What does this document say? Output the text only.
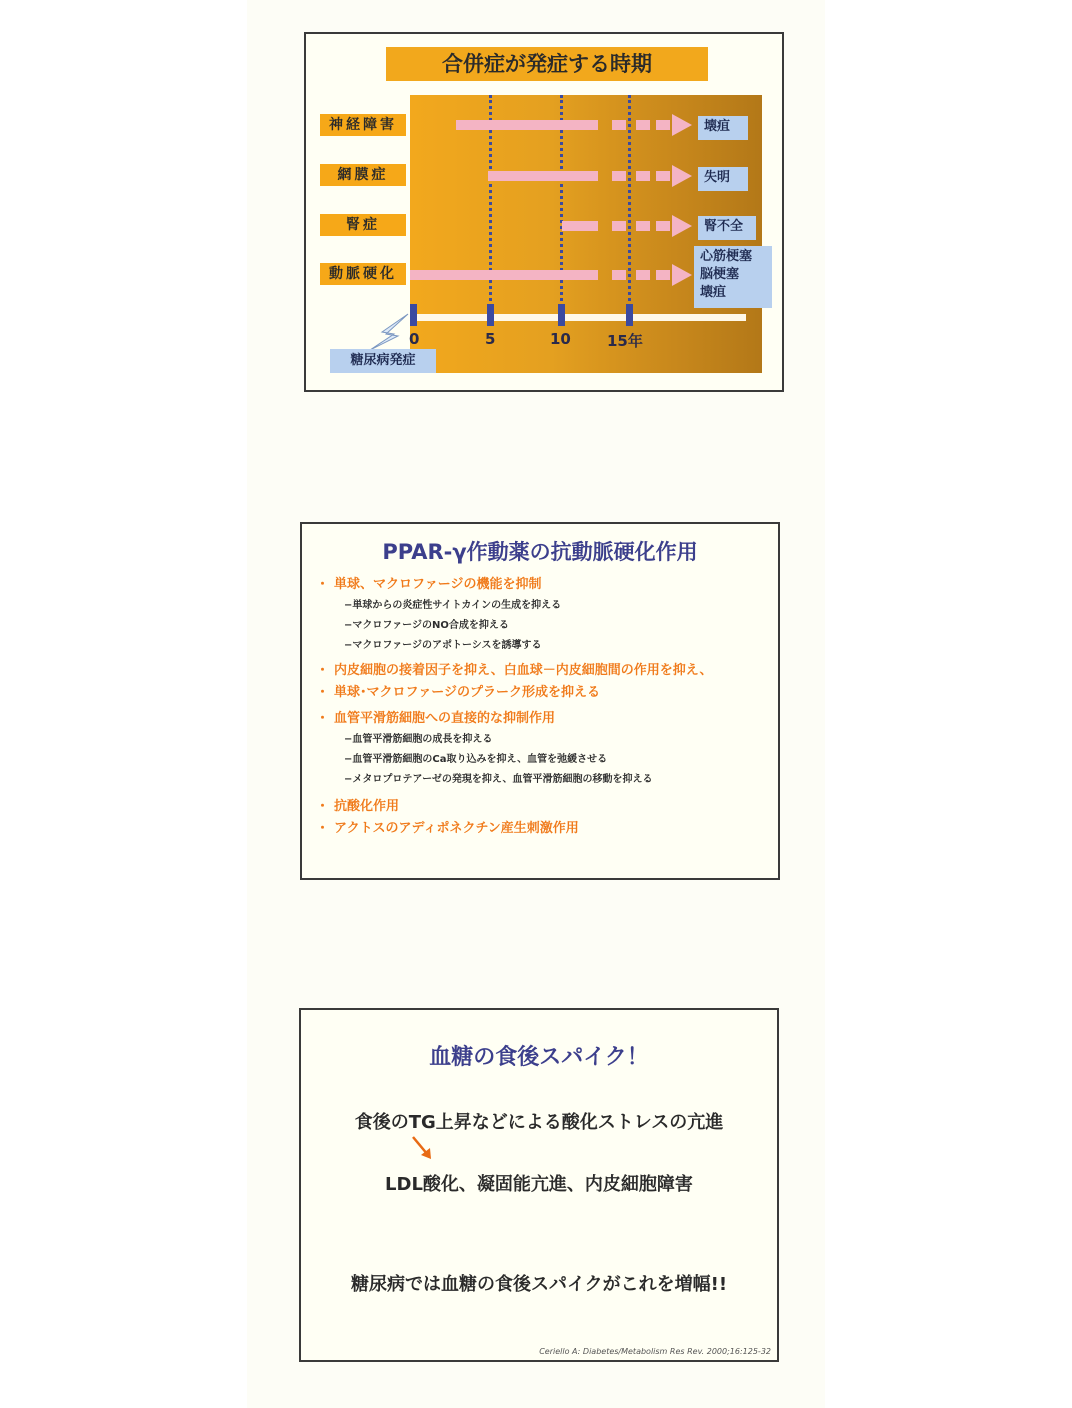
合併症が発症する時期
神経障害
網膜症
腎症
動脈硬化
壊疽
失明
腎不全
心筋梗塞
脳梗塞
壊疽
0	5	10 15年
糖尿病発症
PPAR-γ作動薬の抗動脈硬化作用
・ 単球、マクロファージの機能を抑制
−単球からの炎症性サイトカインの生成を抑える
−マクロファージのNO合成を抑える
−マクロファージのアポトーシスを誘導する
・ 内皮細胞の接着因子を抑え、白血球－内皮細胞間の作用を抑え、
・ 単球･マクロファージのプラーク形成を抑える
・ 血管平滑筋細胞への直接的な抑制作用
−血管平滑筋細胞の成長を抑える
−血管平滑筋細胞のCa取り込みを抑え、血管を弛緩させる
−メタロプロテアーゼの発現を抑え、血管平滑筋細胞の移動を抑える
・ 抗酸化作用
・ アクトスのアディポネクチン産生刺激作用
血糖の食後スパイク！
食後のTG上昇などによる酸化ストレスの亢進
LDL酸化、凝固能亢進、内皮細胞障害
糖尿病では血糖の食後スパイクがこれを増幅!!
Ceriello A: Diabetes/Metabolism Res Rev. 2000;16:125-32
